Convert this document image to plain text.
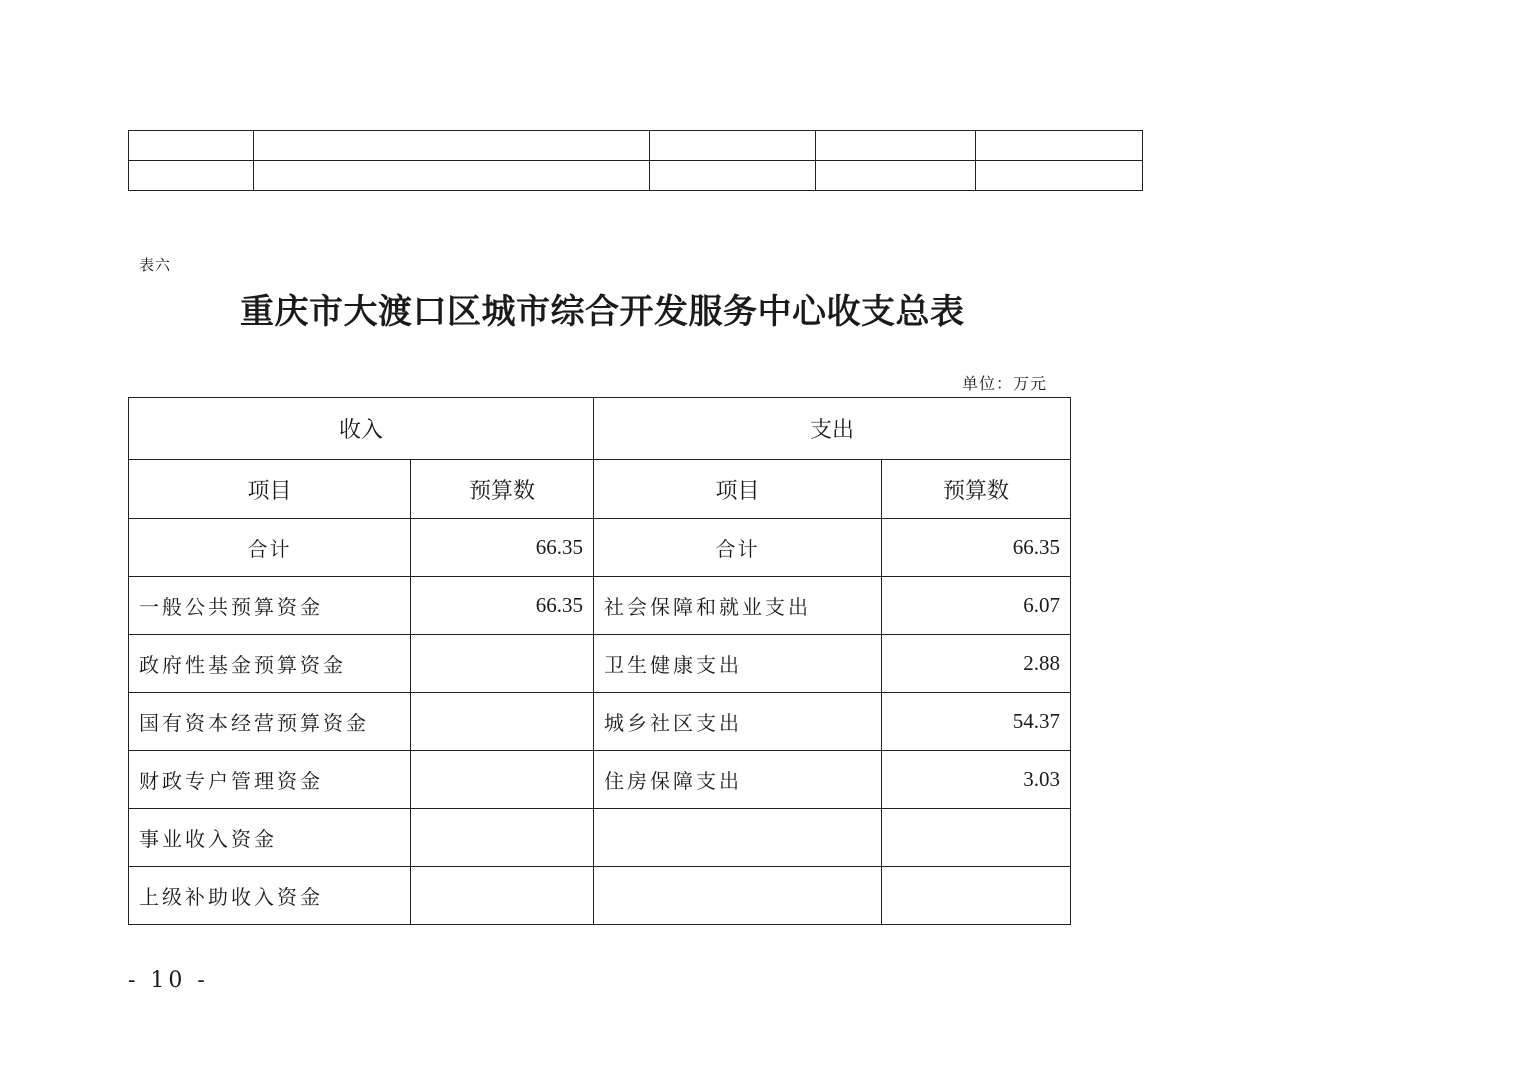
表六
重庆市大渡口区城市综合开发服务中心收支总表
单位：万元
收入		支出	
项目	预算数	项目	预算数
合计	66.35	合计	66.35
一般公共预算资金	66.35	社会保障和就业支出	6.07
政府性基金预算资金		卫生健康支出	2.88
国有资本经营预算资金		城乡社区支出	54.37
财政专户管理资金		住房保障支出	3.03
事业收入资金			
上级补助收入资金			
- 10 -
